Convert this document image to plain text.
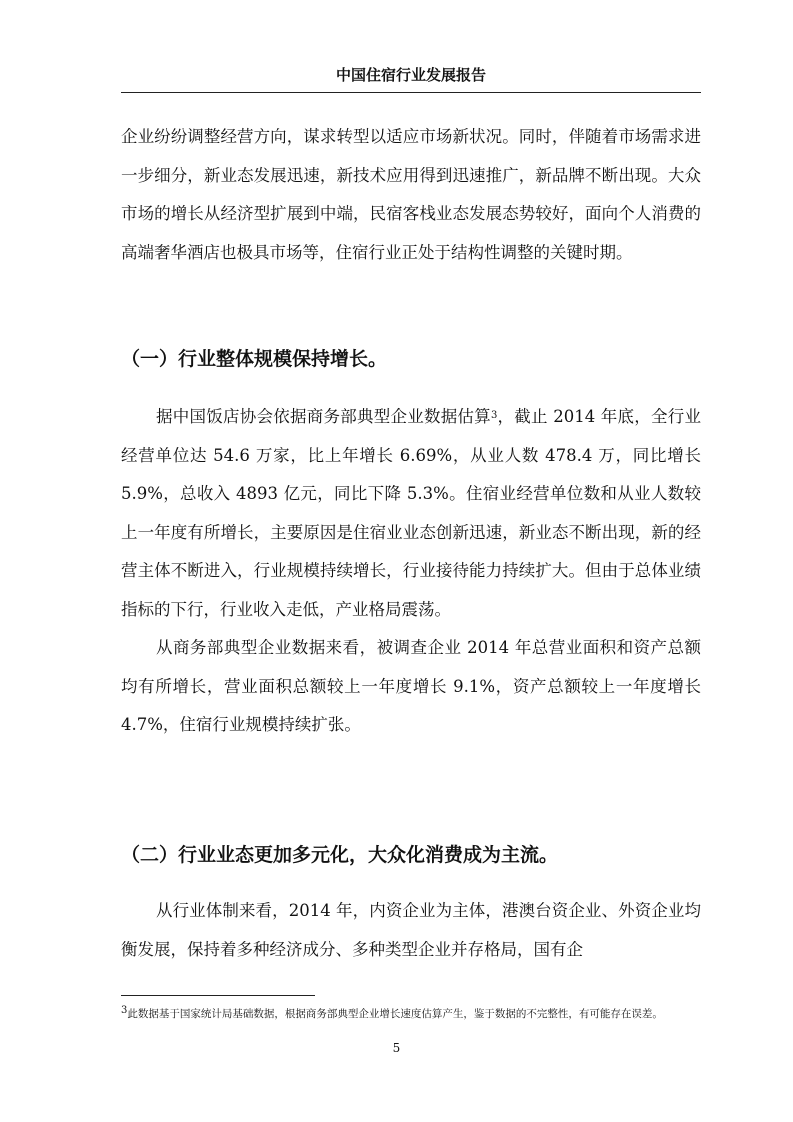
中国住宿行业发展报告

企业纷纷调整经营方向，谋求转型以适应市场新状况。同时，伴随着市场需求进一步细分，新业态发展迅速，新技术应用得到迅速推广，新品牌不断出现。大众市场的增长从经济型扩展到中端，民宿客栈业态发展态势较好，面向个人消费的高端奢华酒店也极具市场等，住宿行业正处于结构性调整的关键时期。

（一）行业整体规模保持增长。

据中国饭店协会依据商务部典型企业数据估算$^3$，截止 2014 年底，全行业经营单位达 54.6 万家，比上年增长 6.69%，从业人数 478.4 万，同比增长 5.9%，总收入 4893 亿元，同比下降 5.3%。住宿业经营单位数和从业人数较上一年度有所增长，主要原因是住宿业业态创新迅速，新业态不断出现，新的经营主体不断进入，行业规模持续增长，行业接待能力持续扩大。但由于总体业绩指标的下行，行业收入走低，产业格局震荡。

从商务部典型企业数据来看，被调查企业 2014 年总营业面积和资产总额均有所增长，营业面积总额较上一年度增长 9.1%，资产总额较上一年度增长 4.7%，住宿行业规模持续扩张。

（二）行业业态更加多元化，大众化消费成为主流。

从行业体制来看，2014 年，内资企业为主体，港澳台资企业、外资企业均衡发展，保持着多种经济成分、多种类型企业并存格局，国有企

3此数据基于国家统计局基础数据，根据商务部典型企业增长速度估算产生，鉴于数据的不完整性，有可能存在误差。

5
